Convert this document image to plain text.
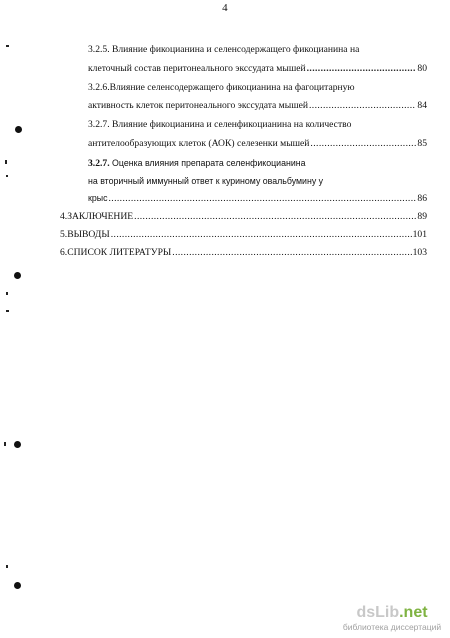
4
3.2.5. Влияние фикоцианина и селенсодержащего фикоцианина на
клеточный состав перитонеального экссудата мышей .....	80
3.2.6.Влияние селенсодержащего фикоцианина на фагоцитарную
активность клеток перитонеального экссудата мышей .....	84
3.2.7. Влияние фикоцианина и селенфикоцианина на количество
антителообразующих клеток (АОК) селезенки мышей .....	85
3.2.7. Оценка влияния препарата селенфикоцианина
на вторичный иммунный ответ к куриному овальбумину у
крыс .....	86
4.ЗАКЛЮЧЕНИЕ .....	89
5.ВЫВОДЫ .....	101
6.СПИСОК ЛИТЕРАТУРЫ .....	103
dsLib.net
библиотека диссертаций
